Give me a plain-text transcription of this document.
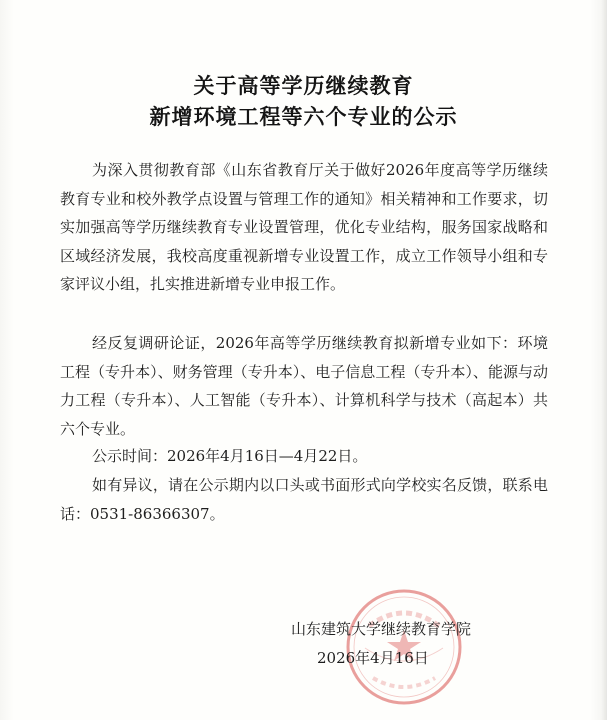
关于高等学历继续教育
新增环境工程等六个专业的公示
为深入贯彻教育部《山东省教育厅关于做好2026年度高等学历继续教育专业和校外教学点设置与管理工作的通知》相关精神和工作要求，切实加强高等学历继续教育专业设置管理，优化专业结构，服务国家战略和区域经济发展，我校高度重视新增专业设置工作，成立工作领导小组和专家评议小组，扎实推进新增专业申报工作。
经反复调研论证，2026年高等学历继续教育拟新增专业如下：环境工程（专升本）、财务管理（专升本）、电子信息工程（专升本）、能源与动力工程（专升本）、人工智能（专升本）、计算机科学与技术（高起本）共六个专业。
公示时间：2026年4月16日—4月22日。
如有异议，请在公示期内以口头或书面形式向学校实名反馈，联系电话：0531-86366307。
山东建筑大学继续教育学院
2026年4月16日
